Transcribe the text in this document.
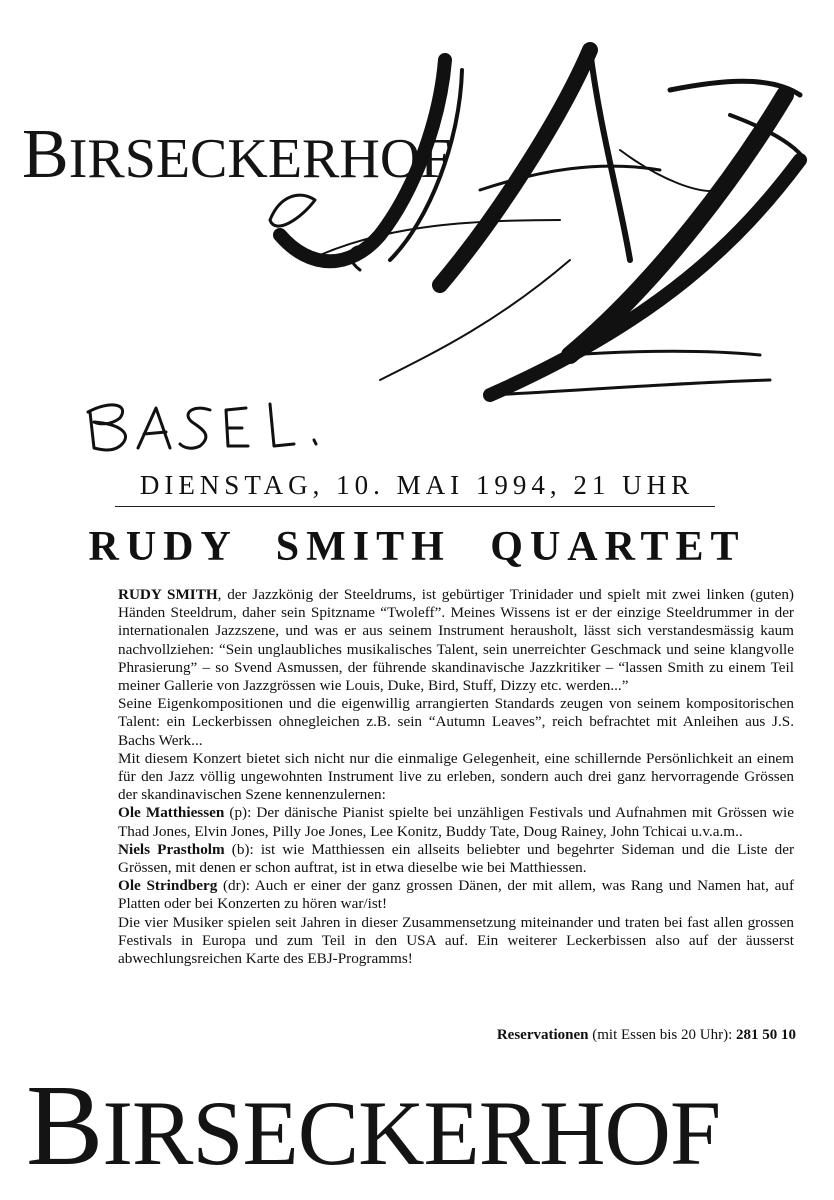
BIRSECKERHOF
BASEL.
DIENSTAG, 10. MAI 1994, 21 UHR
RUDY SMITH QUARTET

RUDY SMITH, der Jazzkönig der Steeldrums, ist gebürtiger Trinidader und spielt mit zwei linken (guten) Händen Steeldrum, daher sein Spitzname “Twoleff”. Meines Wissens ist er der einzige Steeldrummer in der internationalen Jazzszene, und was er aus seinem Instrument herausholt, lässt sich verstandesmässig kaum nachvollziehen: “Sein unglaubliches musikalisches Talent, sein unerreichter Geschmack und seine klangvolle Phrasierung” – so Svend Asmussen, der führende skandinavische Jazzkritiker – “lassen Smith zu einem Teil meiner Gallerie von Jazzgrössen wie Louis, Duke, Bird, Stuff, Dizzy etc. werden...”

Seine Eigenkompositionen und die eigenwillig arrangierten Standards zeugen von seinem kompositorischen Talent: ein Leckerbissen ohnegleichen z.B. sein “Autumn Leaves”, reich befrachtet mit Anleihen aus J.S. Bachs Werk...

Mit diesem Konzert bietet sich nicht nur die einmalige Gelegenheit, eine schillernde Persönlichkeit an einem für den Jazz völlig ungewohnten Instrument live zu erleben, sondern auch drei ganz hervorragende Grössen der skandinavischen Szene kennenzulernen:

Ole Matthiessen (p): Der dänische Pianist spielte bei unzähligen Festivals und Aufnahmen mit Grössen wie Thad Jones, Elvin Jones, Pilly Joe Jones, Lee Konitz, Buddy Tate, Doug Rainey, John Tchicai u.v.a.m..

Niels Prastholm (b): ist wie Matthiessen ein allseits beliebter und begehrter Sideman und die Liste der Grössen, mit denen er schon auftrat, ist in etwa dieselbe wie bei Matthiessen.

Ole Strindberg (dr): Auch er einer der ganz grossen Dänen, der mit allem, was Rang und Namen hat, auf Platten oder bei Konzerten zu hören war/ist!

Die vier Musiker spielen seit Jahren in dieser Zusammensetzung miteinander und traten bei fast allen grossen Festivals in Europa und zum Teil in den USA auf. Ein weiterer Leckerbissen also auf der äusserst abwechlungsreichen Karte des EBJ-Programms!

Reservationen (mit Essen bis 20 Uhr): 281 50 10
BIRSECKERHOF
